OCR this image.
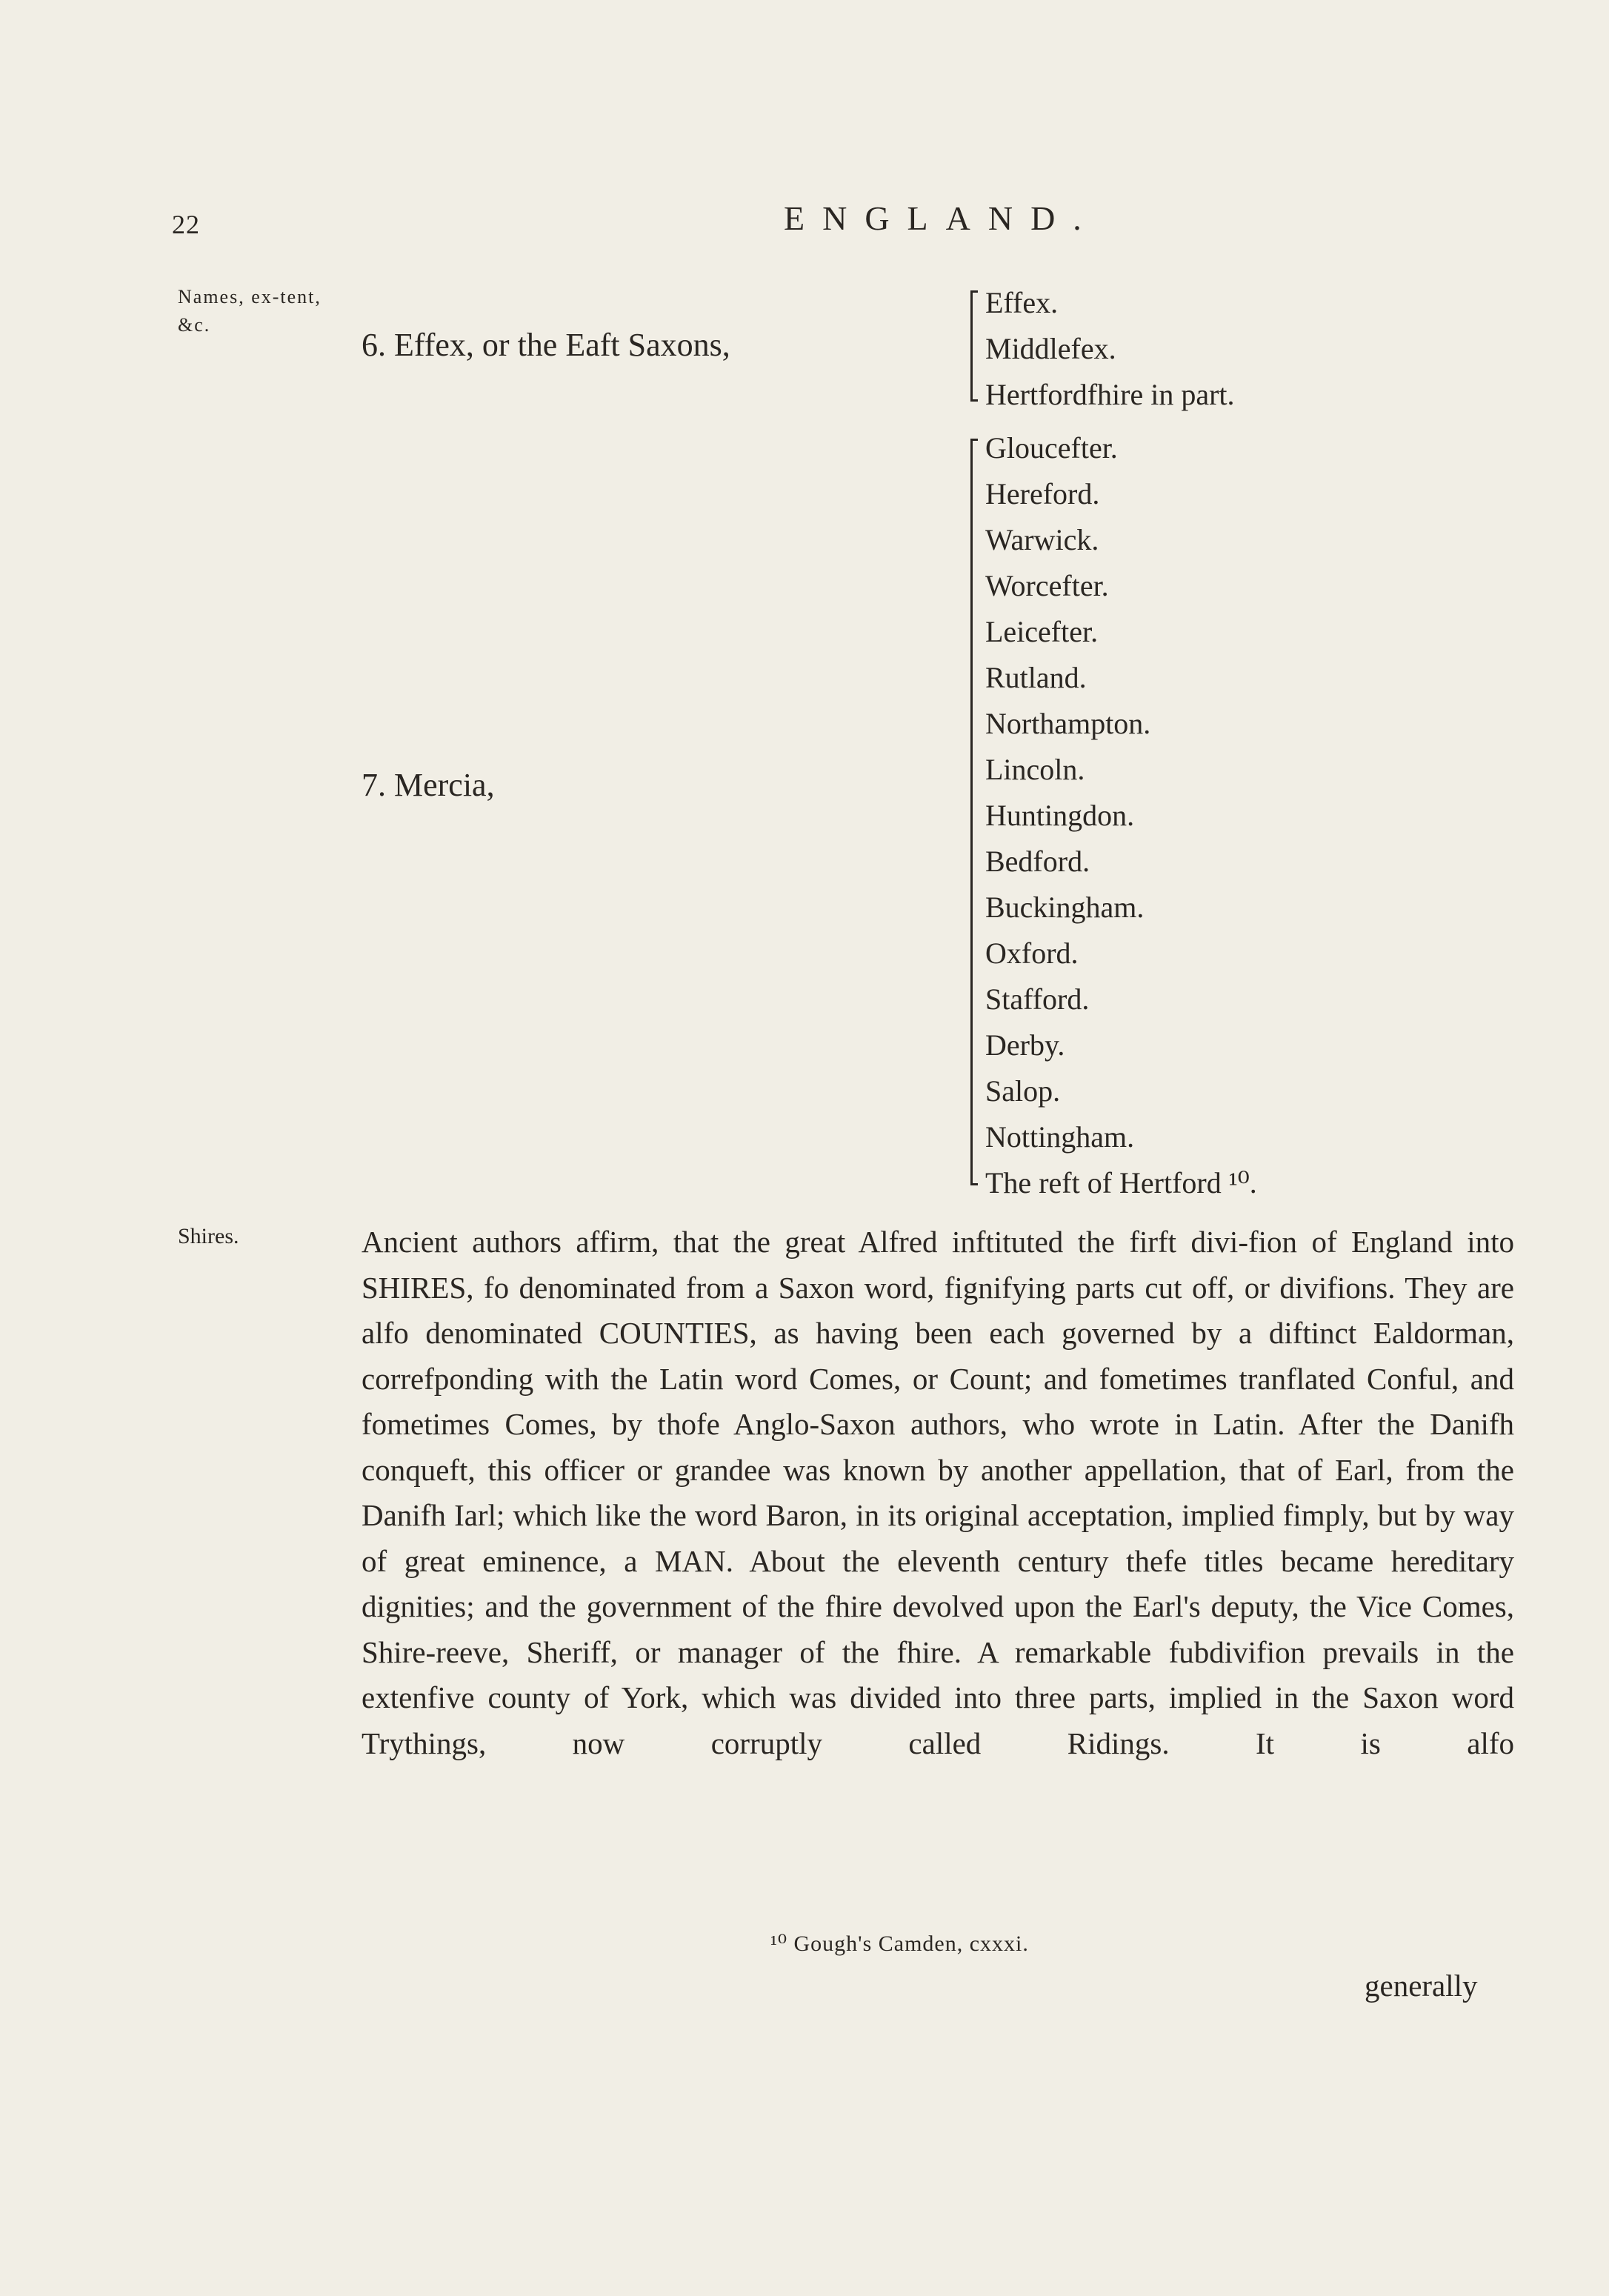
22	ENGLAND.
Names, ex-tent, &c.
6. Effex, or the Eaft Saxons,
Effex.
Middlefex.
Hertfordfhire in part.
7. Mercia,
Gloucefter.
Hereford.
Warwick.
Worcefter.
Leicefter.
Rutland.
Northampton.
Lincoln.
Huntingdon.
Bedford.
Buckingham.
Oxford.
Stafford.
Derby.
Salop.
Nottingham.
The reft of Hertford ¹⁰.
Shires.	Ancient authors affirm, that the great Alfred inftituted the firft divi-fion of England into SHIRES, fo denominated from a Saxon word, fignifying parts cut off, or divifions. They are alfo denominated COUNTIES, as having been each governed by a diftinct Ealdorman, correfponding with the Latin word Comes, or Count; and fometimes tranflated Conful, and fometimes Comes, by thofe Anglo-Saxon authors, who wrote in Latin. After the Danifh conqueft, this officer or grandee was known by another appellation, that of Earl, from the Danifh Iarl; which like the word Baron, in its original acceptation, implied fimply, but by way of great eminence, a MAN. About the eleventh century thefe titles became hereditary dignities; and the government of the fhire devolved upon the Earl's deputy, the Vice Comes, Shire-reeve, Sheriff, or manager of the fhire. A remarkable fubdivifion prevails in the extenfive county of York, which was divided into three parts, implied in the Saxon word Trythings, now corruptly called Ridings. It is alfo

¹⁰ Gough's Camden, cxxxi.
generally
